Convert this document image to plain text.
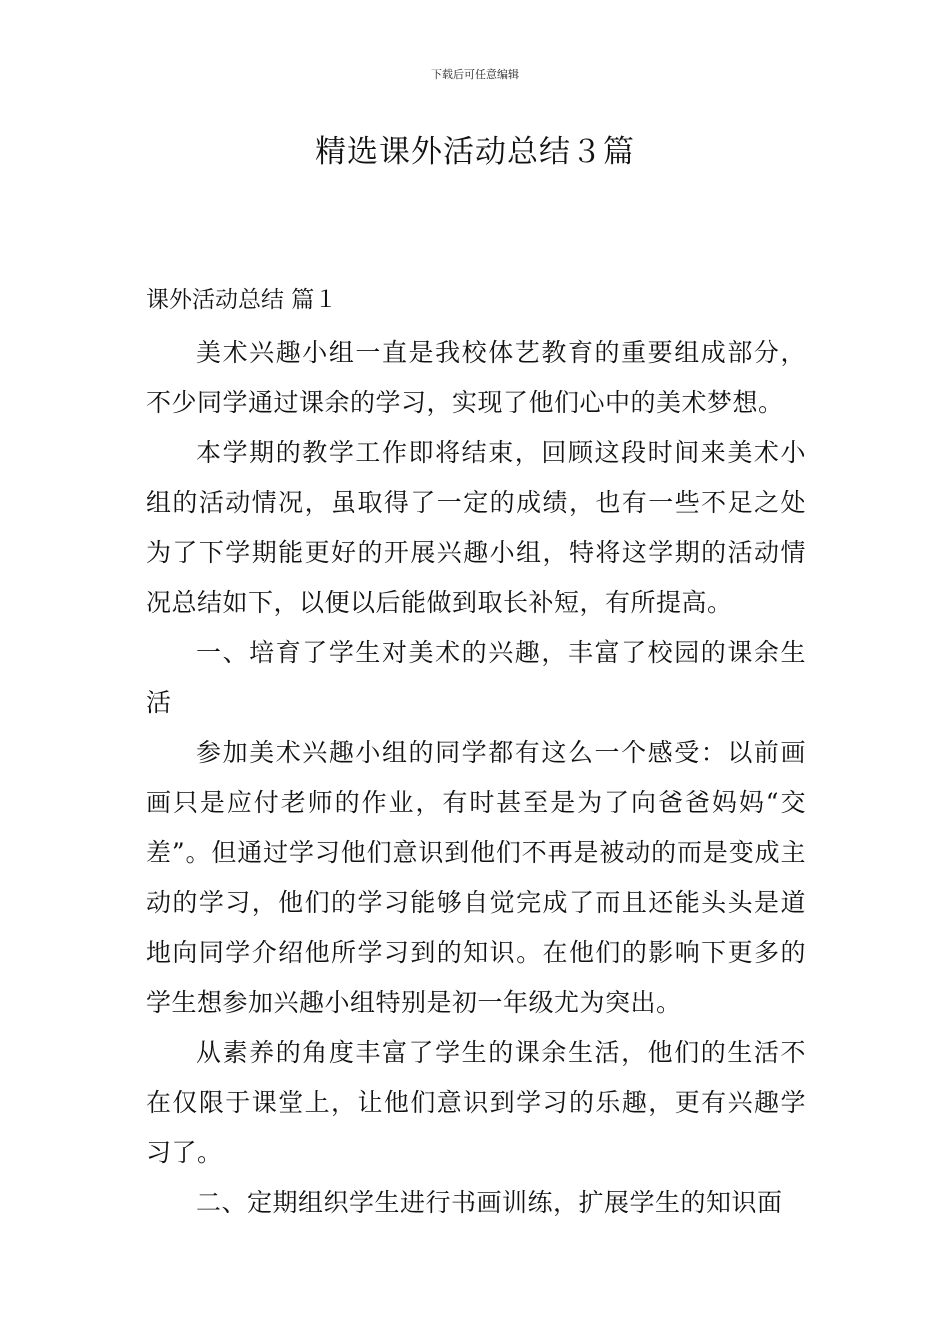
下载后可任意编辑
精选课外活动总结３篇
课外活动总结 篇１

美术兴趣小组一直是我校体艺教育的重要组成部分，不少同学通过课余的学习，实现了他们心中的美术梦想。

本学期的教学工作即将结束，回顾这段时间来美术小组的活动情况，虽取得了一定的成绩，也有一些不足之处为了下学期能更好的开展兴趣小组，特将这学期的活动情况总结如下，以便以后能做到取长补短，有所提高。

一、培育了学生对美术的兴趣，丰富了校园的课余生活

参加美术兴趣小组的同学都有这么一个感受：以前画画只是应付老师的作业，有时甚至是为了向爸爸妈妈“交差”。但通过学习他们意识到他们不再是被动的而是变成主动的学习，他们的学习能够自觉完成了而且还能头头是道地向同学介绍他所学习到的知识。在他们的影响下更多的学生想参加兴趣小组特别是初一年级尤为突出。

从素养的角度丰富了学生的课余生活，他们的生活不在仅限于课堂上，让他们意识到学习的乐趣，更有兴趣学习了。

二、定期组织学生进行书画训练，扩展学生的知识面
